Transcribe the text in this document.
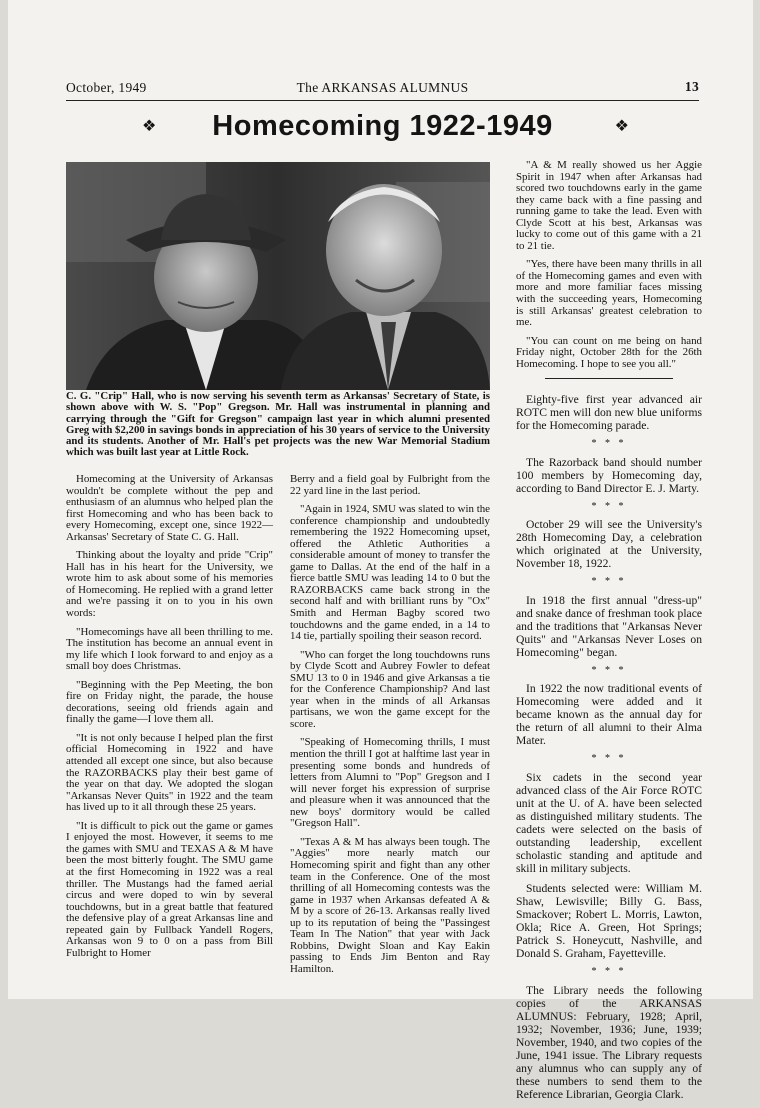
October, 1949	The ARKANSAS ALUMNUS	13
❖ Homecoming 1922-1949	❖
C. G. "Crip" Hall, who is now serving his seventh term as Arkansas' Secretary of State, is shown above with W. S. "Pop" Gregson. Mr. Hall was instrumental in planning and carrying through the "Gift for Gregson" campaign last year in which alumni presented Greg with $2,200 in savings bonds in appreciation of his 30 years of service to the University and its students. Another of Mr. Hall's pet projects was the new War Memorial Stadium which was built last year at Little Rock.

Homecoming at the University of Arkansas wouldn't be complete without the pep and enthusiasm of an alumnus who helped plan the first Homecoming and who has been back to every Homecoming, except one, since 1922—Arkansas' Secretary of State C. G. Hall.

Thinking about the loyalty and pride "Crip" Hall has in his heart for the University, we wrote him to ask about some of his memories of Homecoming. He replied with a grand letter and we're passing it on to you in his own words:

"Homecomings have all been thrilling to me. The institution has become an annual event in my life which I look forward to and enjoy as a small boy does Christmas.

"Beginning with the Pep Meeting, the bon fire on Friday night, the parade, the house decorations, seeing old friends again and finally the game—I love them all.

"It is not only because I helped plan the first official Homecoming in 1922 and have attended all except one since, but also because the RAZORBACKS play their best game of the year on that day. We adopted the slogan "Arkansas Never Quits" in 1922 and the team has lived up to it all through these 25 years.

"It is difficult to pick out the game or games I enjoyed the most. However, it seems to me the games with SMU and TEXAS A & M have been the most bitterly fought. The SMU game at the first Homecoming in 1922 was a real thriller. The Mustangs had the famed aerial circus and were doped to win by several touchdowns, but in a great battle that featured the defensive play of a great Arkansas line and repeated gain by Fullback Yandell Rogers, Arkansas won 9 to 0 on a pass from Bill Fulbright to Homer

Berry and a field goal by Fulbright from the 22 yard line in the last period.

"Again in 1924, SMU was slated to win the conference championship and undoubtedly remembering the 1922 Homecoming upset, offered the Athletic Authorities a considerable amount of money to transfer the game to Dallas. At the end of the half in a fierce battle SMU was leading 14 to 0 but the RAZORBACKS came back strong in the second half and with brilliant runs by "Ox" Smith and Herman Bagby scored two touchdowns and the game ended, in a 14 to 14 tie, partially spoiling their season record.

"Who can forget the long touchdowns runs by Clyde Scott and Aubrey Fowler to defeat SMU 13 to 0 in 1946 and give Arkansas a tie for the Conference Championship? And last year when in the minds of all Arkansas partisans, we won the game except for the score.

"Speaking of Homecoming thrills, I must mention the thrill I got at halftime last year in presenting some bonds and hundreds of letters from Alumni to "Pop" Gregson and I will never forget his expression of surprise and pleasure when it was announced that the new boys' dormitory would be called "Gregson Hall".

"Texas A & M has always been tough. The "Aggies" more nearly match our Homecoming spirit and fight than any other team in the Conference. One of the most thrilling of all Homecoming contests was the game in 1937 when Arkansas defeated A & M by a score of 26-13. Arkansas really lived up to its reputation of being the "Passingest Team In The Nation" that year with Jack Robbins, Dwight Sloan and Kay Eakin passing to Ends Jim Benton and Ray Hamilton.

"A & M really showed us her Aggie Spirit in 1947 when after Arkansas had scored two touchdowns early in the game they came back with a fine passing and running game to take the lead. Even with Clyde Scott at his best, Arkansas was lucky to come out of this game with a 21 to 21 tie.

"Yes, there have been many thrills in all of the Homecoming games and even with more and more familiar faces missing with the succeeding years, Homecoming is still Arkansas' greatest celebration to me.

"You can count on me being on hand Friday night, October 28th for the 26th Homecoming. I hope to see you all."

Eighty-five first year advanced air ROTC men will don new blue uniforms for the Homecoming parade.

* * *

The Razorback band should number 100 members by Homecoming day, according to Band Director E. J. Marty.

* * *

October 29 will see the University's 28th Homecoming Day, a celebration which originated at the University, November 18, 1922.

* * *

In 1918 the first annual "dress-up" and snake dance of freshman took place and the traditions that "Arkansas Never Quits" and "Arkansas Never Loses on Homecoming" began.

* * *

In 1922 the now traditional events of Homecoming were added and it became known as the annual day for the return of all alumni to their Alma Mater.

* * *

Six cadets in the second year advanced class of the Air Force ROTC unit at the U. of A. have been selected as distinguished military students. The cadets were selected on the basis of outstanding leadership, excellent scholastic standing and aptitude and skill in military subjects.

Students selected were: William M. Shaw, Lewisville; Billy G. Bass, Smackover; Robert L. Morris, Lawton, Okla; Rice A. Green, Hot Springs; Patrick S. Honeycutt, Nashville, and Donald S. Graham, Fayetteville.

* * *

The Library needs the following copies of the ARKANSAS ALUMNUS: February, 1928; April, 1932; November, 1936; June, 1939; November, 1940, and two copies of the June, 1941 issue. The Library requests any alumnus who can supply any of these numbers to send them to the Reference Librarian, Georgia Clark.
